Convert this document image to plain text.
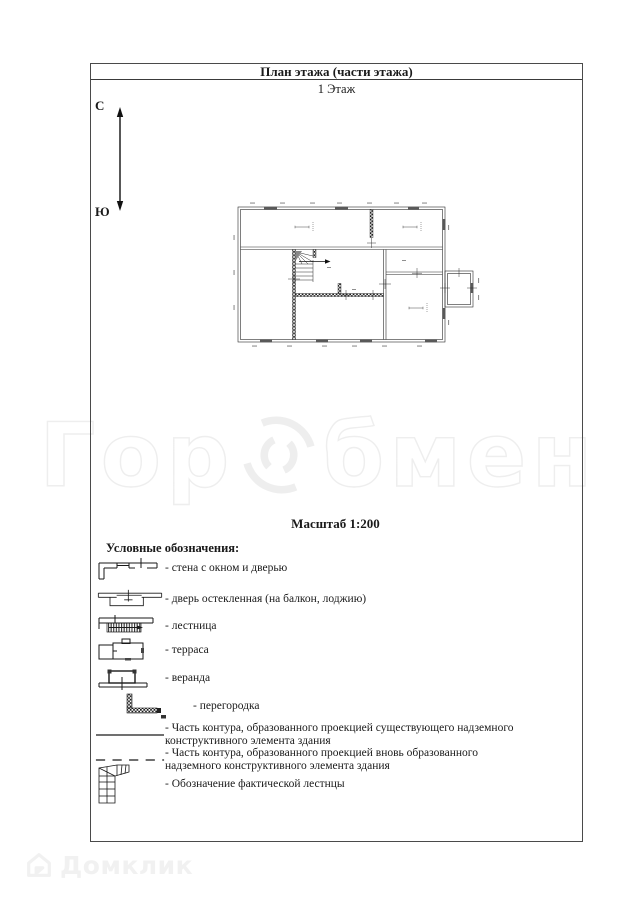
Гор бмен
План этажа (части этажа)
1 Этаж
С
Ю
Масштаб 1:200
Условные обозначения:
- стена с окном и дверью
- дверь остекленная (на балкон, лоджию)
- лестница
- терраса
- веранда
- перегородка
- Часть контура, образованного проекцией существующего надземного конструктивного элемента здания
- Часть контура, образованного проекцией вновь образованного надземного конструктивного элемента здания
- Обозначение фактической лестнцы
Домклик
